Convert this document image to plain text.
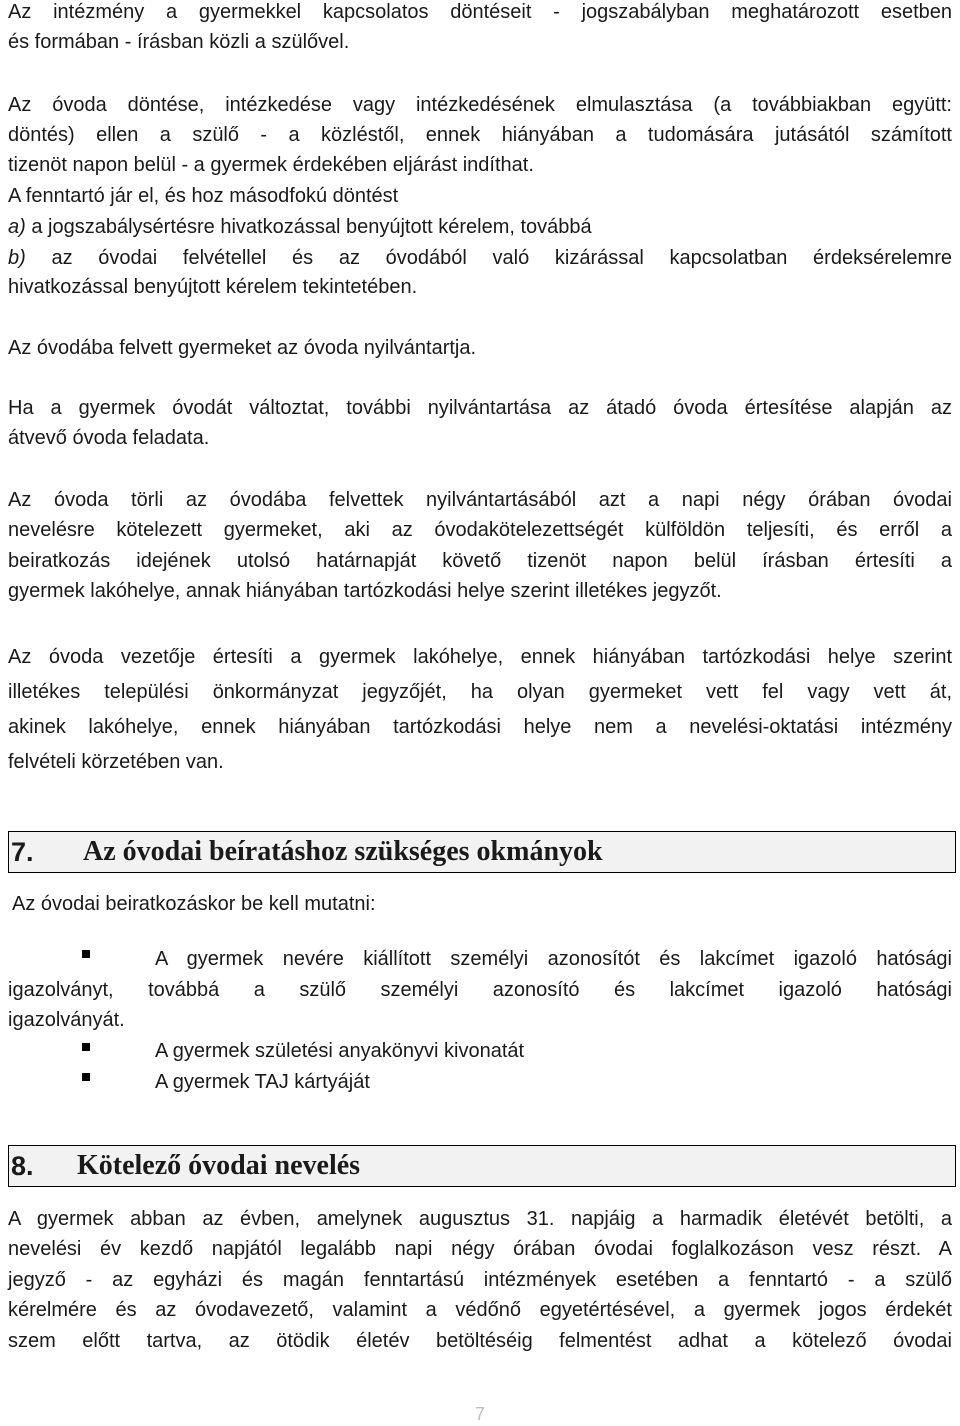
Az intézmény a gyermekkel kapcsolatos döntéseit - jogszabályban meghatározott esetben
és formában - írásban közli a szülővel.
Az óvoda döntése, intézkedése vagy intézkedésének elmulasztása (a továbbiakban együtt:
döntés) ellen a szülő - a közléstől, ennek hiányában a tudomására jutásától számított
tizenöt napon belül - a gyermek érdekében eljárást indíthat.
A fenntartó jár el, és hoz másodfokú döntést
a) a jogszabálysértésre hivatkozással benyújtott kérelem, továbbá
b) az óvodai felvétellel és az óvodából való kizárással kapcsolatban érdeksérelemre
hivatkozással benyújtott kérelem tekintetében.
Az óvodába felvett gyermeket az óvoda nyilvántartja.
Ha a gyermek óvodát változtat, további nyilvántartása az átadó óvoda értesítése alapján az
átvevő óvoda feladata.
Az óvoda törli az óvodába felvettek nyilvántartásából azt a napi négy órában óvodai
nevelésre kötelezett gyermeket, aki az óvodakötelezettségét külföldön teljesíti, és erről a
beiratkozás idejének utolsó határnapját követő tizenöt napon belül írásban értesíti a
gyermek lakóhelye, annak hiányában tartózkodási helye szerint illetékes jegyzőt.
Az óvoda vezetője értesíti a gyermek lakóhelye, ennek hiányában tartózkodási helye szerint
illetékes települési önkormányzat jegyzőjét, ha olyan gyermeket vett fel vagy vett át,
akinek lakóhelye, ennek hiányában tartózkodási helye nem a nevelési-oktatási intézmény
felvételi körzetében van.
7. Az óvodai beíratáshoz szükséges okmányok
Az óvodai beiratkozáskor be kell mutatni:
A gyermek nevére kiállított személyi azonosítót és lakcímet igazoló hatósági
igazolványt, továbbá a szülő személyi azonosító és lakcímet igazoló hatósági
igazolványát.
A gyermek születési anyakönyvi kivonatát
A gyermek TAJ kártyáját
8. Kötelező óvodai nevelés
A gyermek abban az évben, amelynek augusztus 31. napjáig a harmadik életévét betölti, a
nevelési év kezdő napjától legalább napi négy órában óvodai foglalkozáson vesz részt. A
jegyző - az egyházi és magán fenntartású intézmények esetében a fenntartó - a szülő
kérelmére és az óvodavezető, valamint a védőnő egyetértésével, a gyermek jogos érdekét
szem előtt tartva, az ötödik életév betöltéséig felmentést adhat a kötelező óvodai
7
